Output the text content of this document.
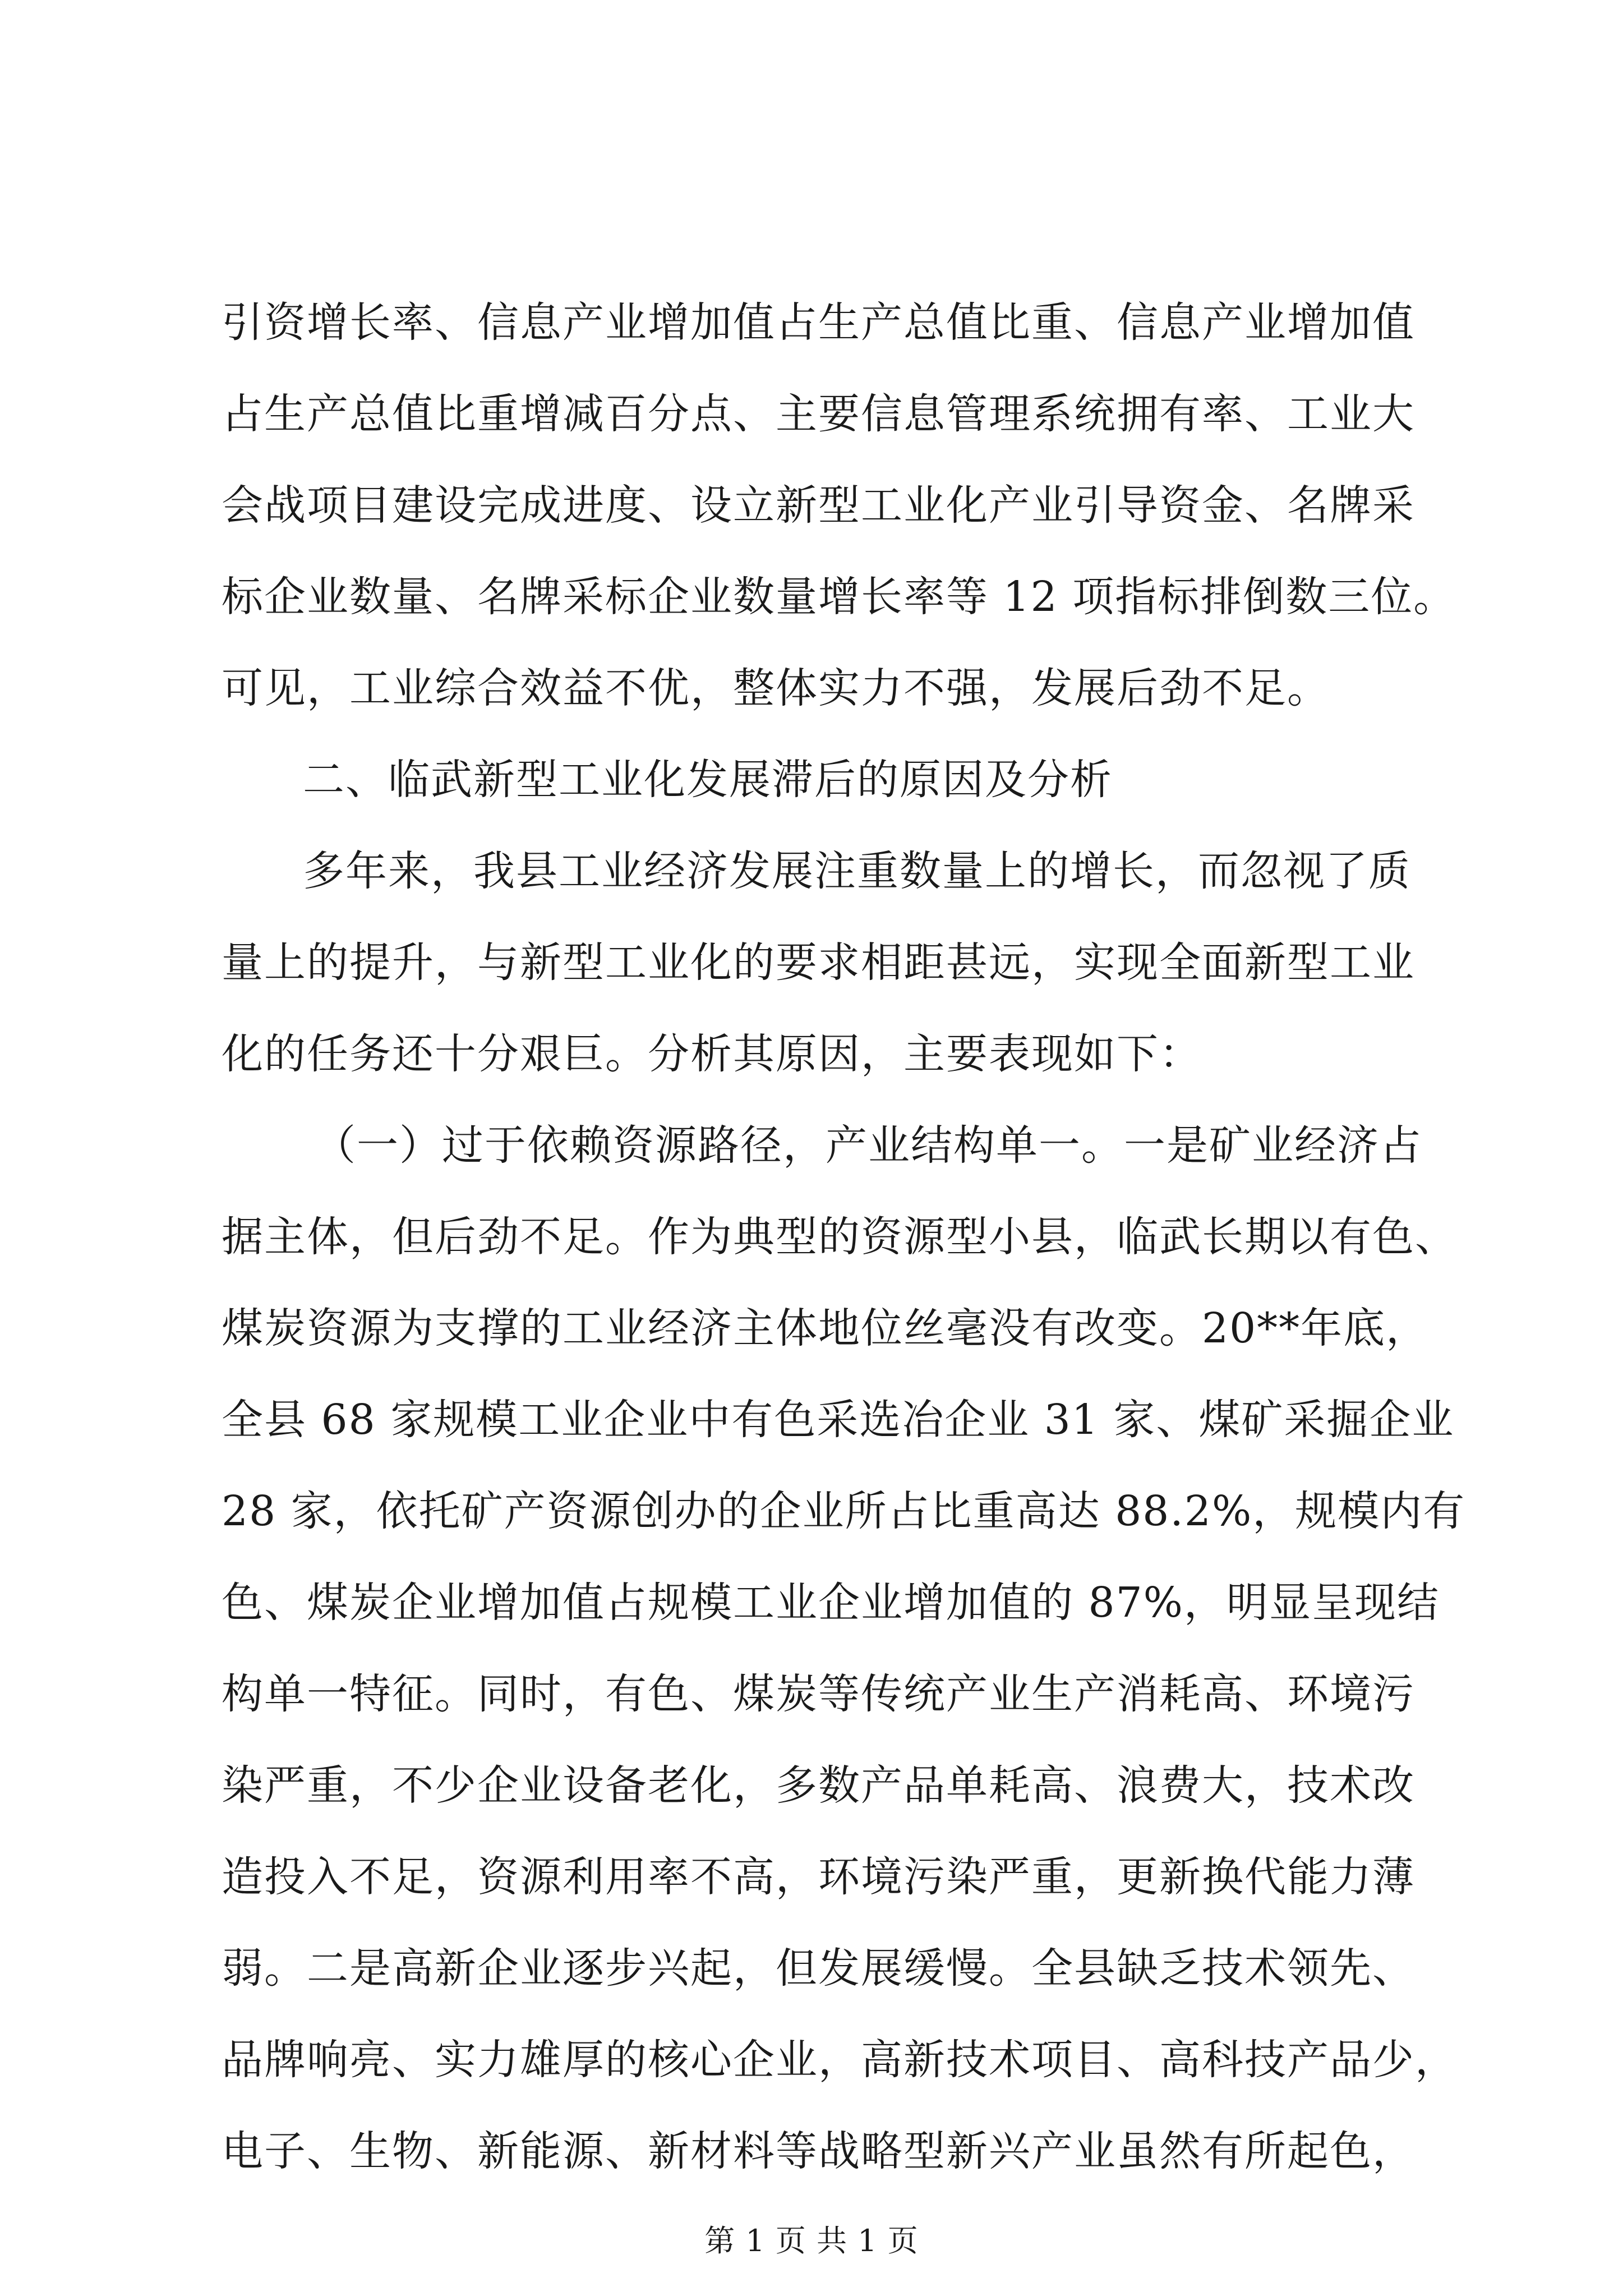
引资增长率、信息产业增加值占生产总值比重、信息产业增加值
占生产总值比重增减百分点、主要信息管理系统拥有率、工业大
会战项目建设完成进度、设立新型工业化产业引导资金、名牌采
标企业数量、名牌采标企业数量增长率等 12 项指标排倒数三位。
可见，工业综合效益不优，整体实力不强，发展后劲不足。
二、临武新型工业化发展滞后的原因及分析
多年来，我县工业经济发展注重数量上的增长，而忽视了质
量上的提升，与新型工业化的要求相距甚远，实现全面新型工业
化的任务还十分艰巨。分析其原因，主要表现如下：
（一）过于依赖资源路径，产业结构单一。一是矿业经济占
据主体，但后劲不足。作为典型的资源型小县，临武长期以有色、
煤炭资源为支撑的工业经济主体地位丝毫没有改变。20**年底，
全县 68 家规模工业企业中有色采选冶企业 31 家、煤矿采掘企业
28 家，依托矿产资源创办的企业所占比重高达 88.2%，规模内有
色、煤炭企业增加值占规模工业企业增加值的 87%，明显呈现结
构单一特征。同时，有色、煤炭等传统产业生产消耗高、环境污
染严重，不少企业设备老化，多数产品单耗高、浪费大，技术改
造投入不足，资源利用率不高，环境污染严重，更新换代能力薄
弱。二是高新企业逐步兴起，但发展缓慢。全县缺乏技术领先、
品牌响亮、实力雄厚的核心企业，高新技术项目、高科技产品少，
电子、生物、新能源、新材料等战略型新兴产业虽然有所起色，
第 1 页 共 1 页
